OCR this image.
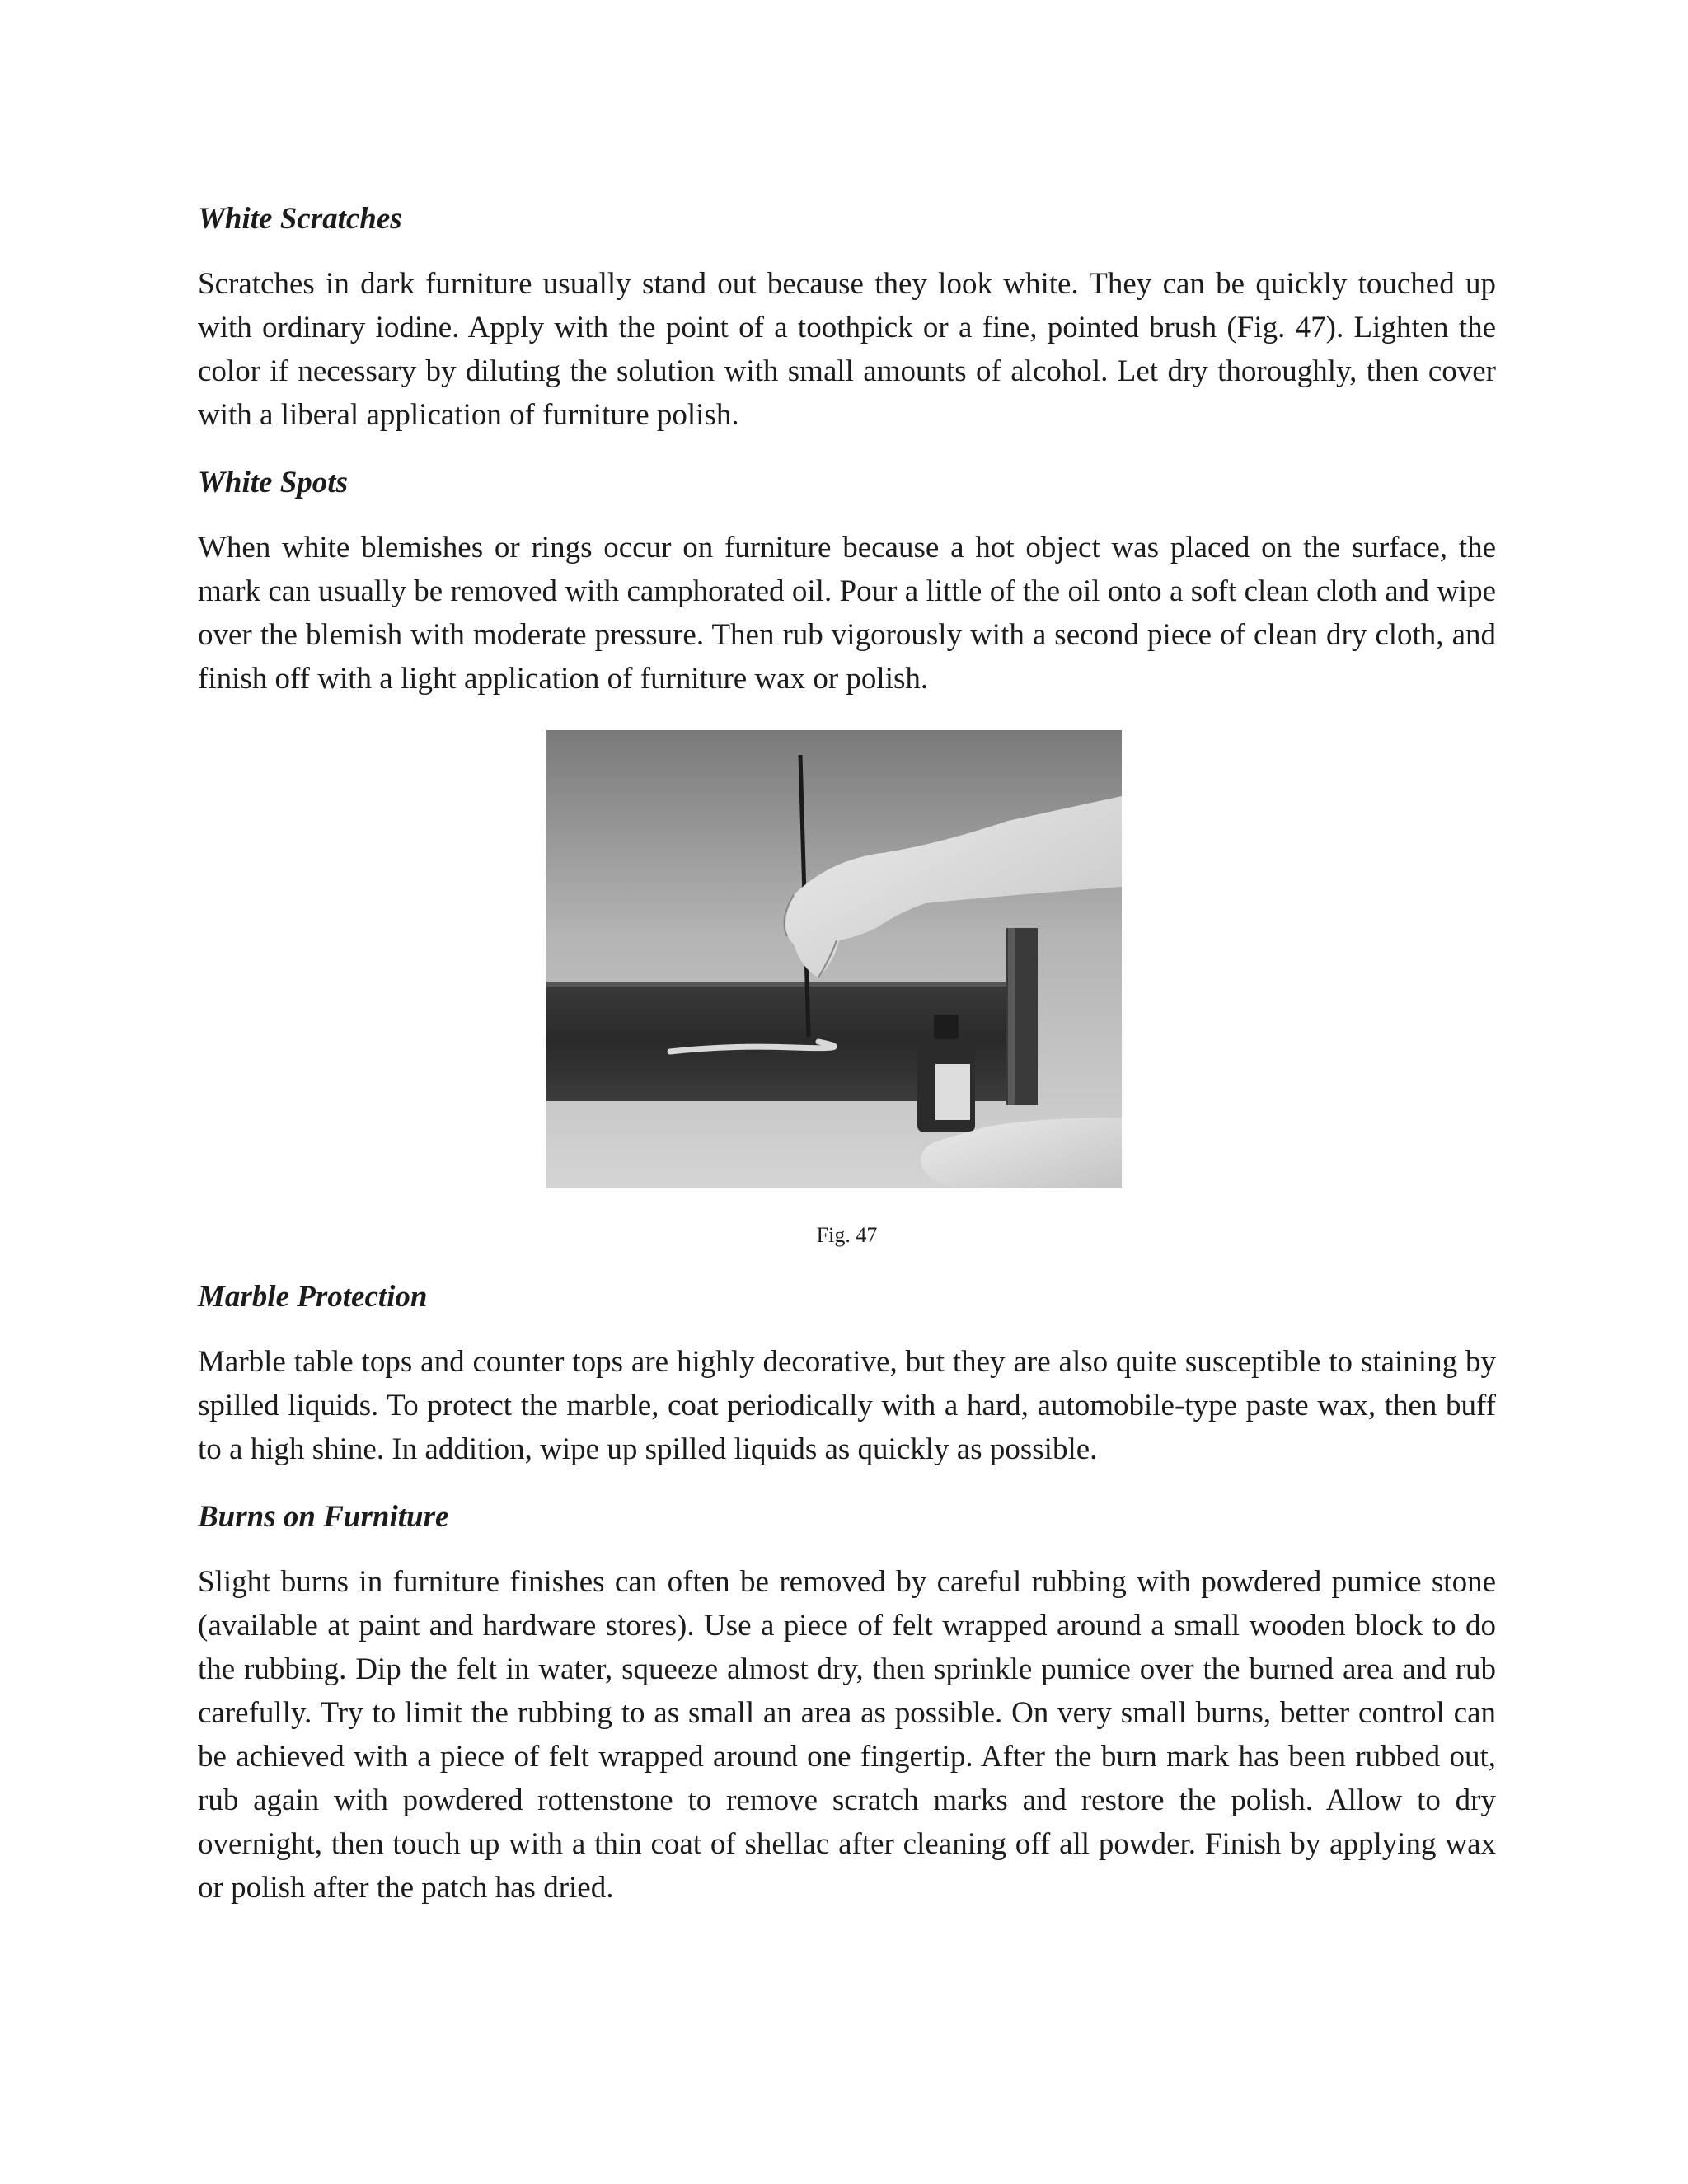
White Scratches

Scratches in dark furniture usually stand out because they look white. They can be quickly touched up with ordinary iodine. Apply with the point of a toothpick or a fine, pointed brush (Fig. 47). Lighten the color if necessary by diluting the solution with small amounts of alcohol. Let dry thoroughly, then cover with a liberal application of furniture polish.

White Spots

When white blemishes or rings occur on furniture because a hot object was placed on the surface, the mark can usually be removed with camphorated oil. Pour a little of the oil onto a soft clean cloth and wipe over the blemish with moderate pressure. Then rub vigorously with a second piece of clean dry cloth, and finish off with a light application of furniture wax or polish.

Fig. 47
Marble Protection

Marble table tops and counter tops are highly decorative, but they are also quite susceptible to staining by spilled liquids. To protect the marble, coat periodically with a hard, automobile-type paste wax, then buff to a high shine. In addition, wipe up spilled liquids as quickly as possible.

Burns on Furniture

Slight burns in furniture finishes can often be removed by careful rubbing with powdered pumice stone (available at paint and hardware stores). Use a piece of felt wrapped around a small wooden block to do the rubbing. Dip the felt in water, squeeze almost dry, then sprinkle pumice over the burned area and rub carefully. Try to limit the rubbing to as small an area as possible. On very small burns, better control can be achieved with a piece of felt wrapped around one fingertip. After the burn mark has been rubbed out, rub again with powdered rottenstone to remove scratch marks and restore the polish. Allow to dry overnight, then touch up with a thin coat of shellac after cleaning off all powder. Finish by applying wax or polish after the patch has dried.
